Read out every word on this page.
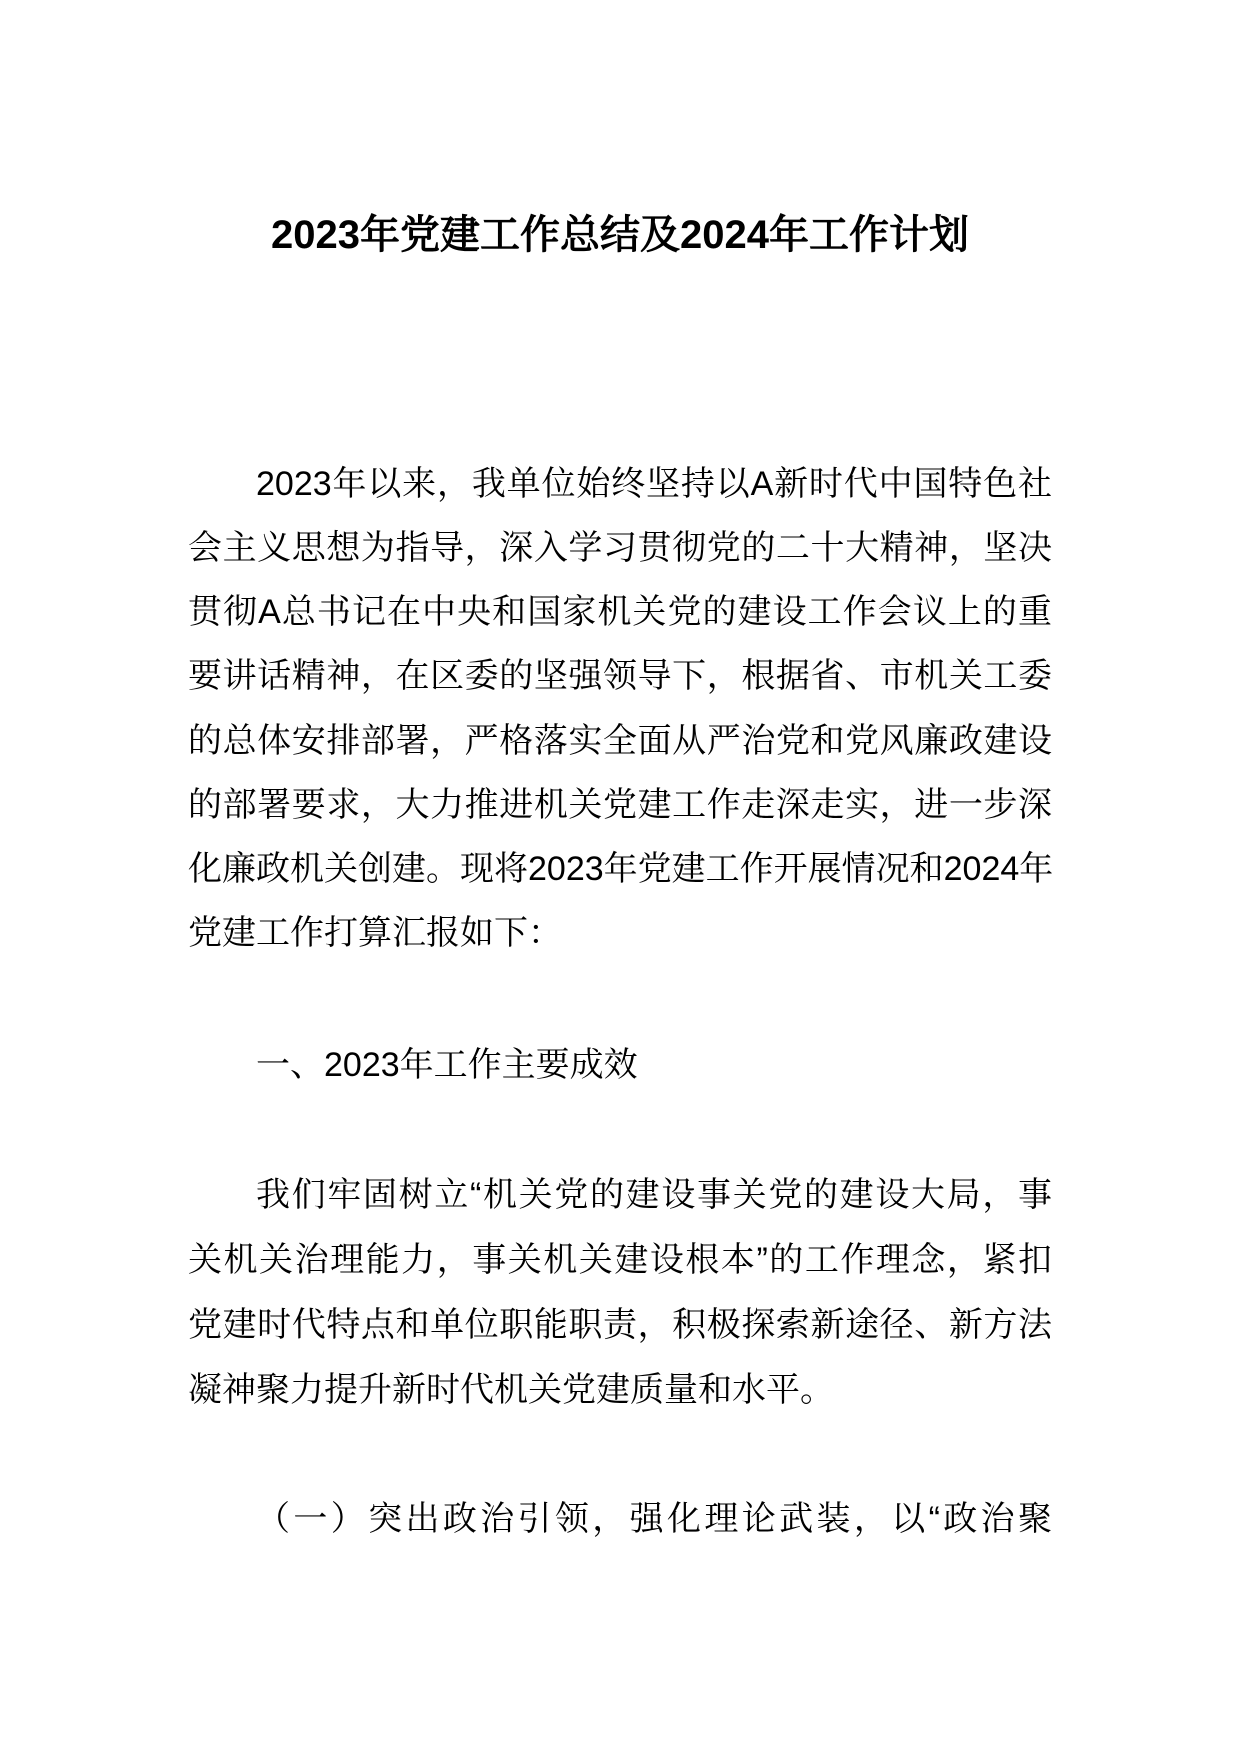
2023年党建工作总结及2024年工作计划
2023年以来，我单位始终坚持以A新时代中国特色社
会主义思想为指导，深入学习贯彻党的二十大精神，坚决
贯彻A总书记在中央和国家机关党的建设工作会议上的重
要讲话精神，在区委的坚强领导下，根据省、市机关工委
的总体安排部署，严格落实全面从严治党和党风廉政建设
的部署要求，大力推进机关党建工作走深走实，进一步深
化廉政机关创建。现将2023年党建工作开展情况和2024年
党建工作打算汇报如下：
一、2023年工作主要成效
我们牢固树立“机关党的建设事关党的建设大局，事
关机关治理能力，事关机关建设根本”的工作理念，紧扣
党建时代特点和单位职能职责，积极探索新途径、新方法
凝神聚力提升新时代机关党建质量和水平。
（一）突出政治引领，强化理论武装，以“政治聚
